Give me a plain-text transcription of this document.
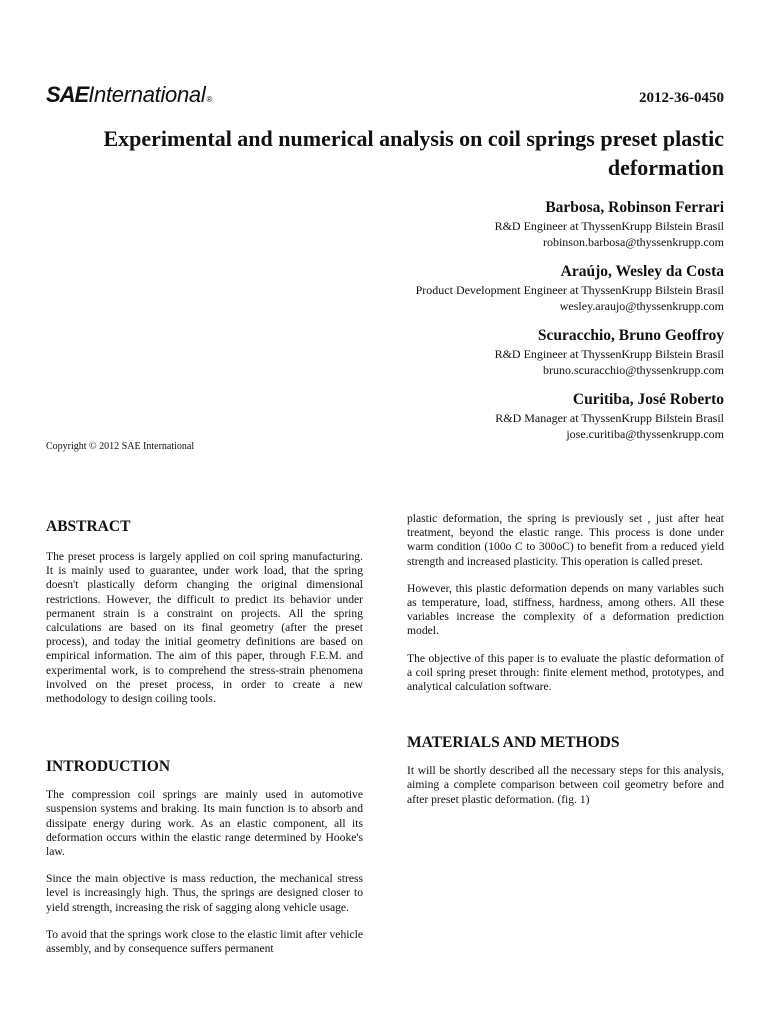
SAE International ®	2012-36-0450
Experimental and numerical analysis on coil springs preset plastic deformation
Barbosa, Robinson Ferrari
R&D Engineer at ThyssenKrupp Bilstein Brasil
robinson.barbosa@thyssenkrupp.com
Araújo, Wesley da Costa
Product Development Engineer at ThyssenKrupp Bilstein Brasil
wesley.araujo@thyssenkrupp.com
Scuracchio, Bruno Geoffroy
R&D Engineer at ThyssenKrupp Bilstein Brasil
bruno.scuracchio@thyssenkrupp.com
Curitiba, José Roberto
R&D Manager at ThyssenKrupp Bilstein Brasil
jose.curitiba@thyssenkrupp.com
Copyright © 2012 SAE International
ABSTRACT

The preset process is largely applied on coil spring manufacturing. It is mainly used to guarantee, under work load, that the spring doesn't plastically deform changing the original dimensional restrictions. However, the difficult to predict its behavior under permanent strain is a constraint on projects. All the spring calculations are based on its final geometry (after the preset process), and today the initial geometry definitions are based on empirical information. The aim of this paper, through F.E.M. and experimental work, is to comprehend the stress-strain phenomena involved on the preset process, in order to create a new methodology to design coiling tools.

INTRODUCTION

The compression coil springs are mainly used in automotive suspension systems and braking. Its main function is to absorb and dissipate energy during work. As an elastic component, all its deformation occurs within the elastic range determined by Hooke's law.

Since the main objective is mass reduction, the mechanical stress level is increasingly high. Thus, the springs are designed closer to yield strength, increasing the risk of sagging along vehicle usage.

To avoid that the springs work close to the elastic limit after vehicle assembly, and by consequence suffers permanent

plastic deformation, the spring is previously set , just after heat treatment, beyond the elastic range. This process is done under warm condition (100o C to 300oC) to benefit from a reduced yield strength and increased plasticity. This operation is called preset.

However, this plastic deformation depends on many variables such as temperature, load, stiffness, hardness, among others. All these variables increase the complexity of a deformation prediction model.

The objective of this paper is to evaluate the plastic deformation of a coil spring preset through: finite element method, prototypes, and analytical calculation software.

MATERIALS AND METHODS

It will be shortly described all the necessary steps for this analysis, aiming a complete comparison between coil geometry before and after preset plastic deformation. (fig. 1)
